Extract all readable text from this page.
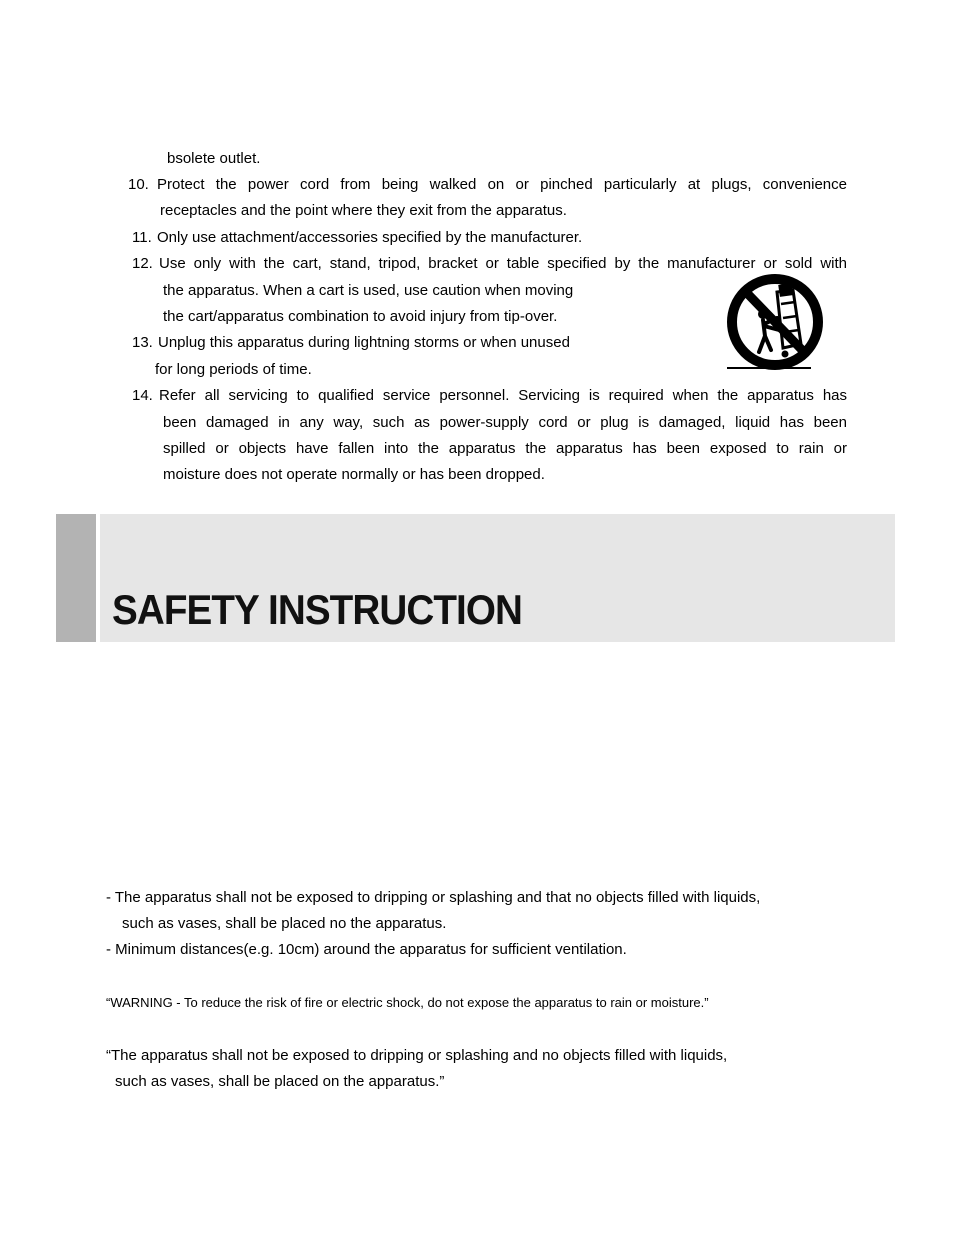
bsolete outlet.
10. Protect the power cord from being walked on or pinched particularly at plugs, convenience
receptacles and the point where they exit from the apparatus.
11. Only use attachment/accessories specified by the manufacturer.
12. Use only with the cart, stand, tripod, bracket or table specified by the manufacturer or sold with
the apparatus. When a cart is used, use caution when moving
the cart/apparatus combination to avoid injury from tip-over.
13. Unplug this apparatus during lightning storms or when unused
for long periods of time.
14. Refer all servicing to qualified service personnel. Servicing is required when the apparatus has
been damaged in any way, such as power-supply cord or plug is damaged, liquid has been
spilled or objects have fallen into the apparatus the apparatus has been exposed to rain or
moisture does not operate normally or has been dropped.
SAFETY INSTRUCTION
- The apparatus shall not be exposed to dripping or splashing and that no objects filled with liquids,
such as vases, shall be placed no the apparatus.
- Minimum distances(e.g. 10cm) around the apparatus for sufficient ventilation.
“WARNING - To reduce the risk of fire or electric shock, do not expose the apparatus to rain or moisture.”
“The apparatus shall not be exposed to dripping or splashing and no objects filled with liquids,
such as vases, shall be placed on the apparatus.”
